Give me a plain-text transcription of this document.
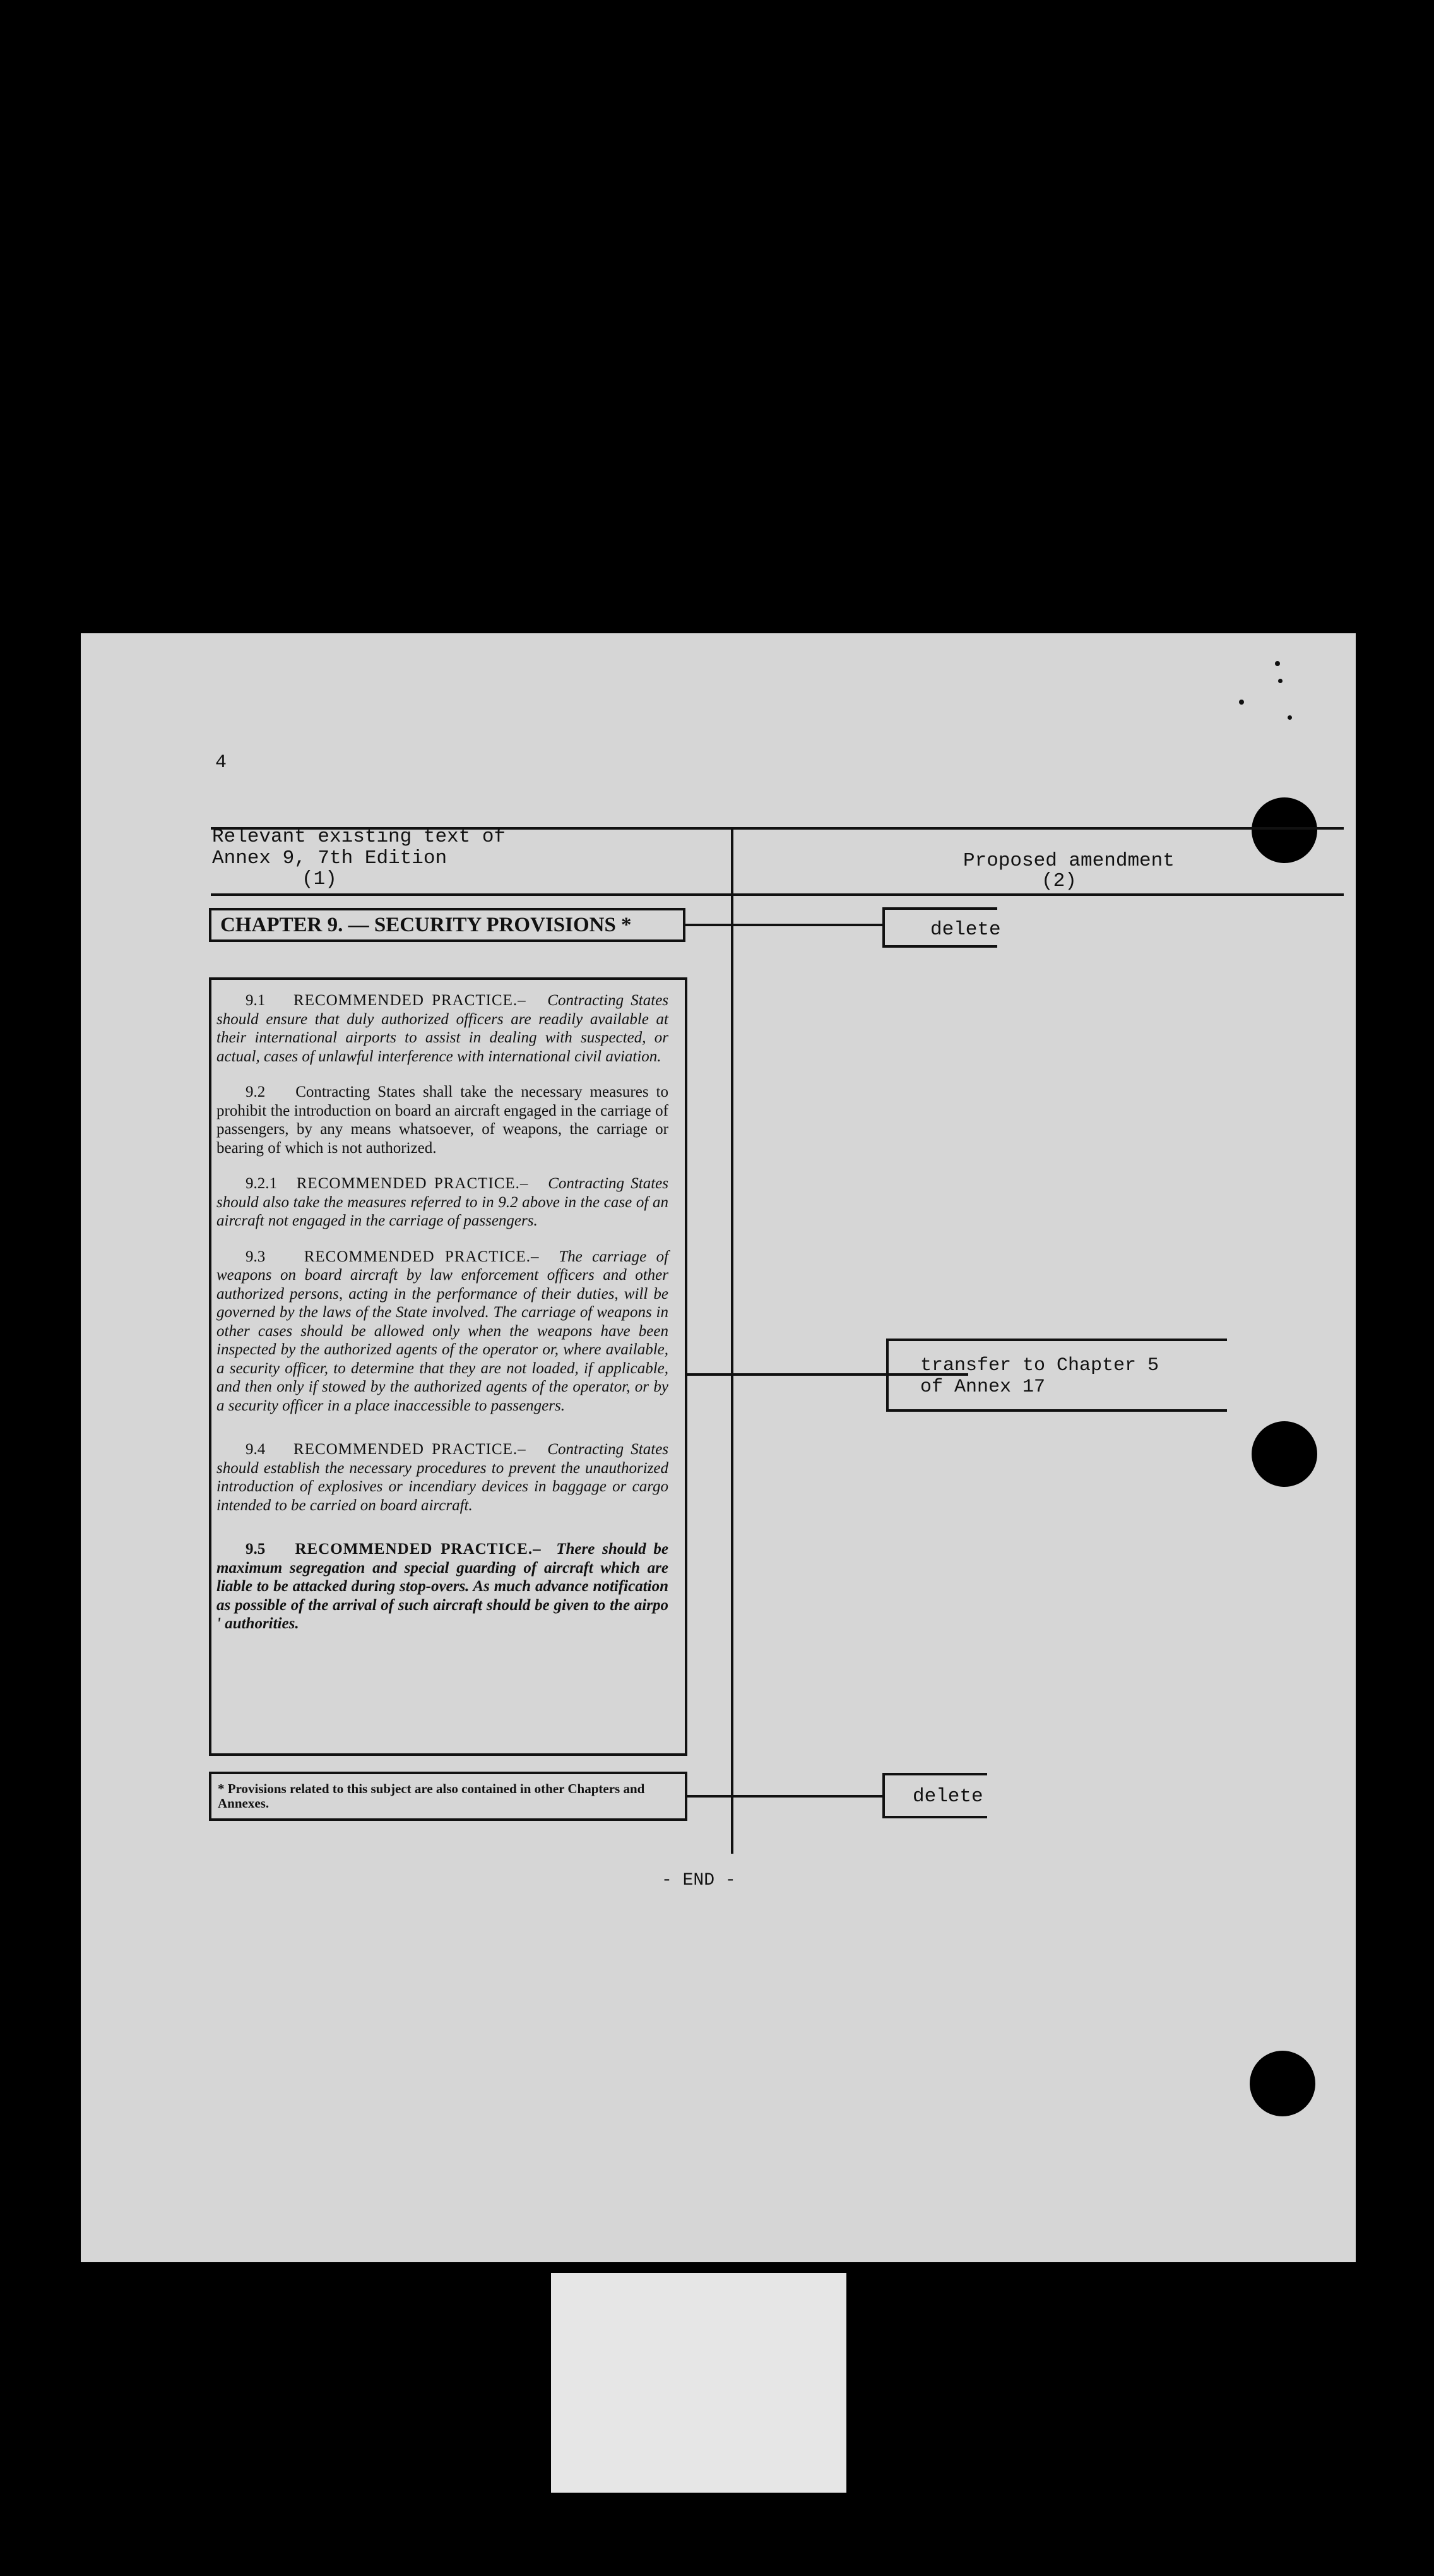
4
Relevant existing text of
Annex 9, 7th Edition
(1)
Proposed amendment
(2)
CHAPTER 9. — SECURITY PROVISIONS *	delete
9.1 RECOMMENDED PRACTICE.– Contracting States should ensure that duly authorized officers are readily available at their international airports to assist in dealing with suspected, or actual, cases of unlawful interference with international civil aviation.
9.2 Contracting States shall take the necessary measures to prohibit the introduction on board an aircraft engaged in the carriage of passengers, by any means whatsoever, of weapons, the carriage or bearing of which is not authorized.
9.2.1 RECOMMENDED PRACTICE.– Contracting States should also take the measures referred to in 9.2 above in the case of an aircraft not engaged in the carriage of passengers.
9.3 RECOMMENDED PRACTICE.– The carriage of weapons on board aircraft by law enforcement officers and other authorized persons, acting in the performance of their duties, will be governed by the laws of the State involved. The carriage of weapons in other cases should be allowed only when the weapons have been inspected by the authorized agents of the operator or, where available, a security officer, to determine that they are not loaded, if applicable, and then only if stowed by the authorized agents of the operator, or by a security officer in a place inaccessible to passengers.
9.4 RECOMMENDED PRACTICE.– Contracting States should establish the necessary procedures to prevent the unauthorized introduction of explosives or incendiary devices in baggage or cargo intended to be carried on board aircraft.
9.5 RECOMMENDED PRACTICE.– There should be maximum segregation and special guarding of aircraft which are liable to be attacked during stop-overs. As much advance notification as possible of the arrival of such aircraft should be given to the airpo ' authorities.
transfer to Chapter 5
of Annex 17
* Provisions related to this subject are also contained in other Chapters and Annexes.	delete
- END -
